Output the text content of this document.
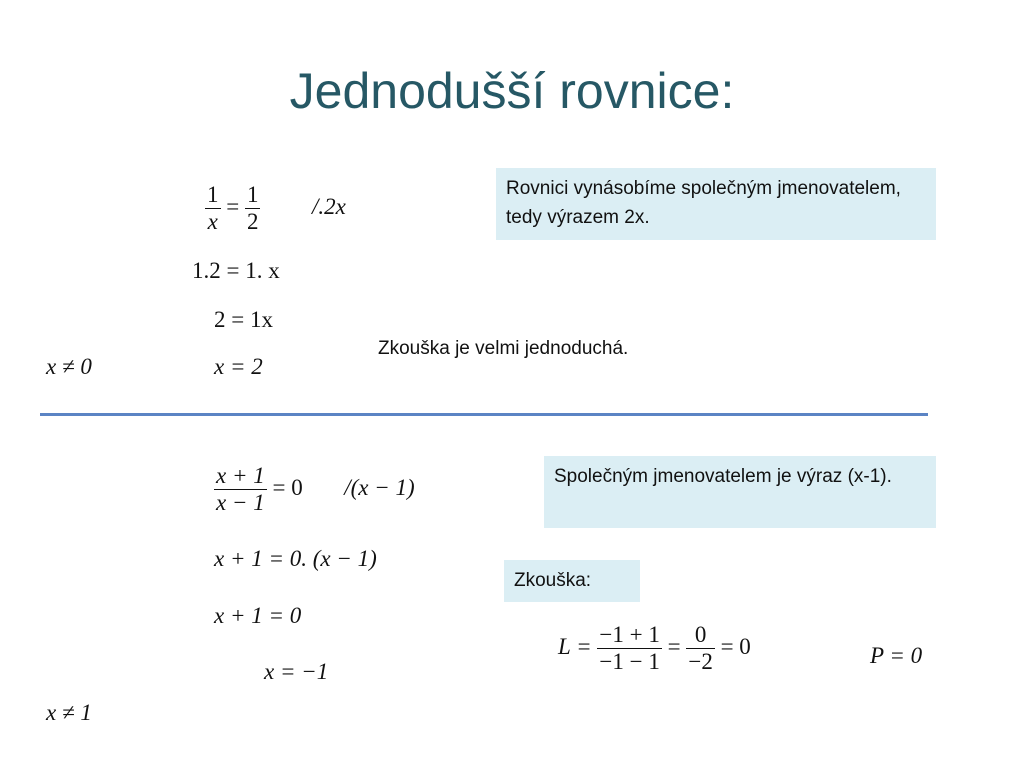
Jednodušší rovnice:
$\frac{1}{x} = \frac{1}{2} /.2x$
1.2 = 1. x
2 = 1x
x = 2
x ≠ 0
Rovnici vynásobíme společným jmenovatelem, tedy výrazem 2x.
Zkouška je velmi jednoduchá.
$\frac{x + 1}{x - 1} = 0$ /(x − 1)
x + 1 = 0. (x − 1)
x + 1 = 0
x = −1
x ≠ 1
Společným jmenovatelem je výraz (x-1).
Zkouška:
$L = \frac{-1 + 1}{-1 - 1} = \frac{0}{-2} = 0$	P = 0
